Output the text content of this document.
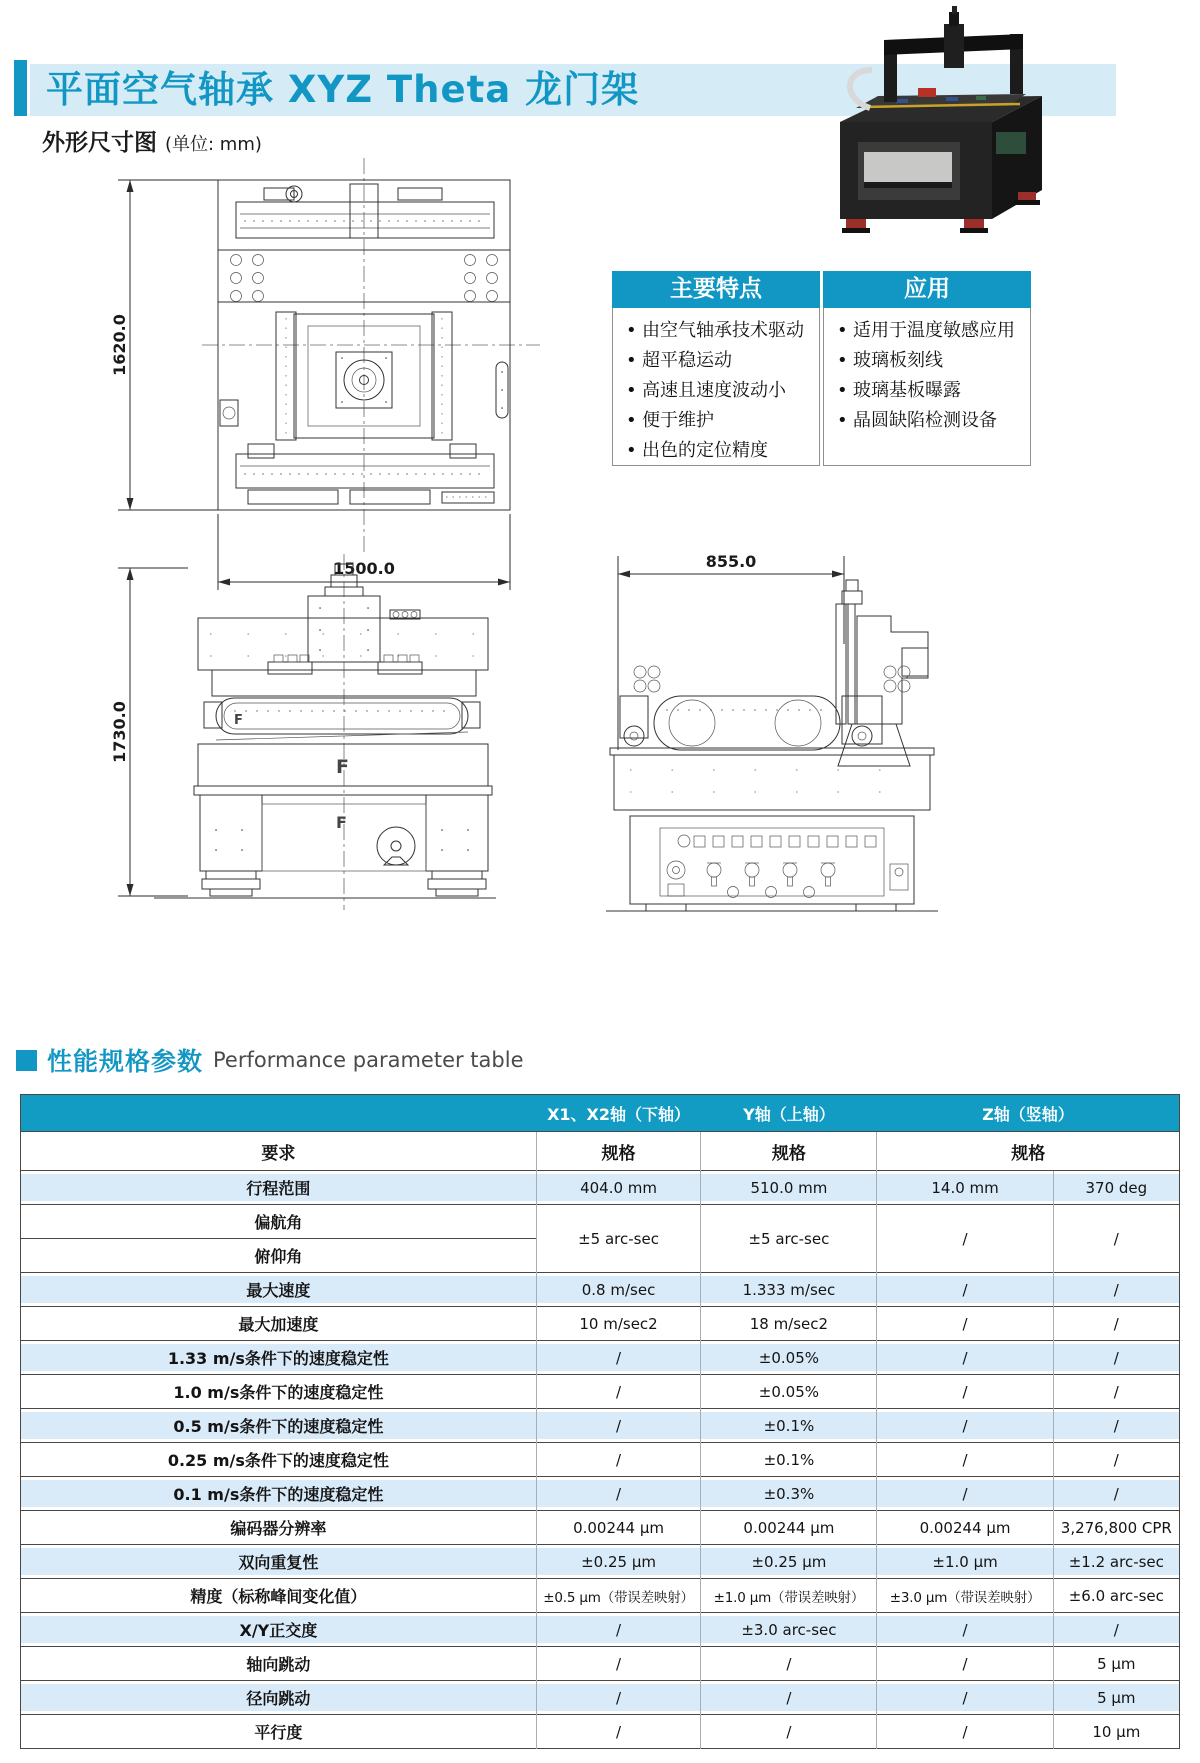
平面空气轴承 XYZ Theta 龙门架
外形尺寸图 (单位: mm)
1620.0
1500.0
F
F
F
1730.0
855.0
主要特点
• 由空气轴承技术驱动
• 超平稳运动
• 高速且速度波动小
• 便于维护
• 出色的定位精度
应用
• 适用于温度敏感应用
• 玻璃板刻线
• 玻璃基板曝露
• 晶圆缺陷检测设备
性能规格参数 Performance parameter table
	X1、X2轴（下轴）	Y轴（上轴）	Z轴（竖轴）	
要求	规格	规格	规格	
行程范围	404.0 mm	510.0 mm	14.0 mm	370 deg
偏航角	±5 arc-sec	±5 arc-sec	/	/
俯仰角				
最大速度	0.8 m/sec	1.333 m/sec	/	/
最大加速度	10 m/sec2	18 m/sec2	/	/
1.33 m/s条件下的速度稳定性	/	±0.05%	/	/
1.0 m/s条件下的速度稳定性	/	±0.05%	/	/
0.5 m/s条件下的速度稳定性	/	±0.1%	/	/
0.25 m/s条件下的速度稳定性	/	±0.1%	/	/
0.1 m/s条件下的速度稳定性	/	±0.3%	/	/
编码器分辨率	0.00244 μm	0.00244 μm	0.00244 μm	3,276,800 CPR
双向重复性	±0.25 μm	±0.25 μm	±1.0 μm	±1.2 arc-sec
精度（标称峰间变化值）	±0.5 μm（带误差映射）	±1.0 μm（带误差映射）	±3.0 μm（带误差映射）	±6.0 arc-sec
X/Y正交度	/	±3.0 arc-sec	/	/
轴向跳动	/	/	/	5 μm
径向跳动	/	/	/	5 μm
平行度	/	/	/	10 μm
